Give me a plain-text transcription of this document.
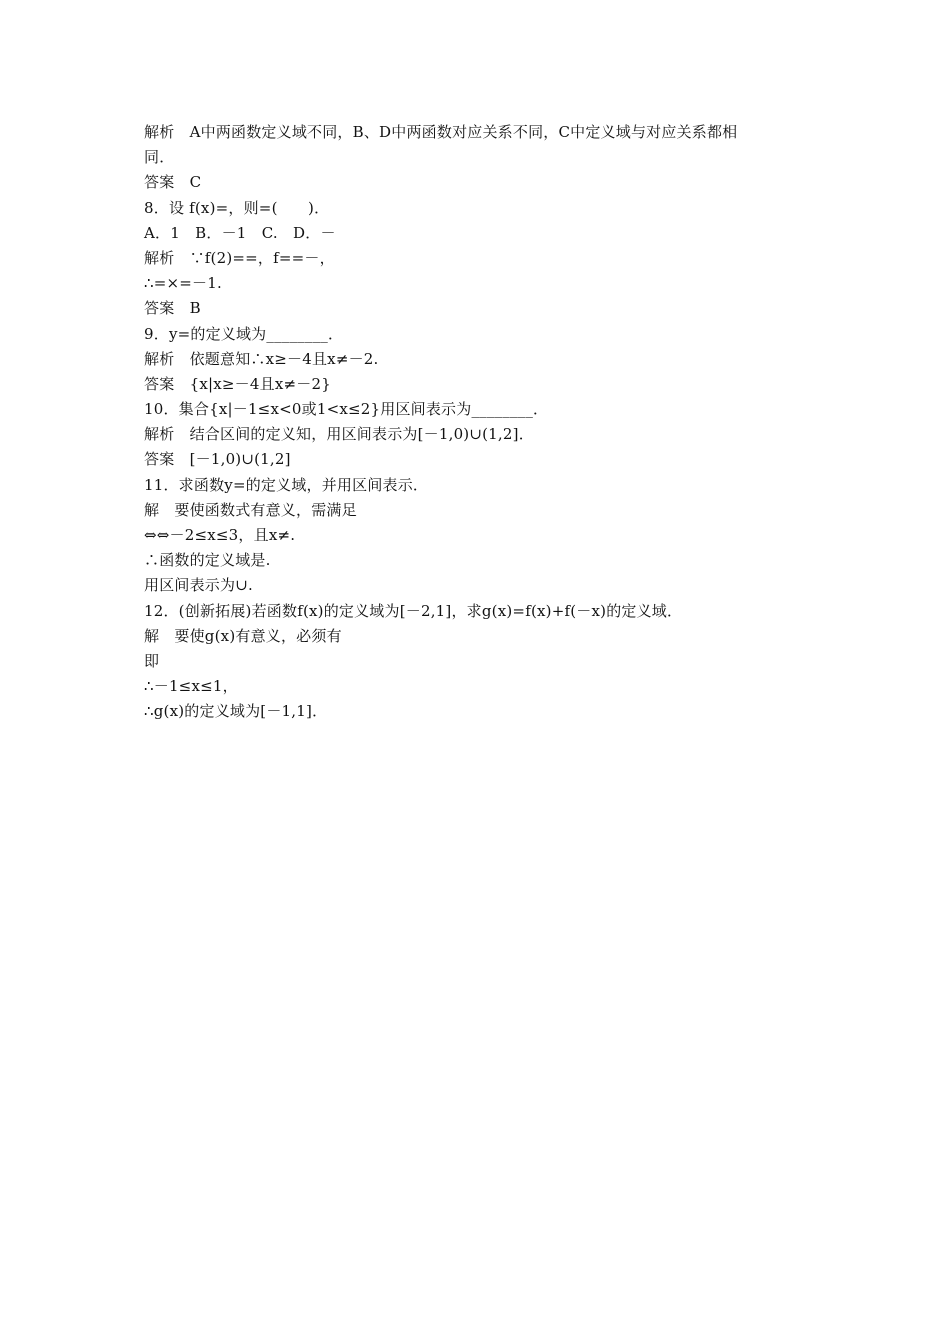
解析　A中两函数定义域不同，B、D中两函数对应关系不同，C中定义域与对应关系都相
同．
答案　C
8．设 f(x)=，则=(　　)．
A．1　B．－1　C.　D．－
解析　∵f(2)==，f==－，
∴=×=－1.
答案　B
9．y=的定义域为________．
解析　依题意知∴x≥－4且x≠－2.
答案　{x|x≥－4且x≠－2}
10．集合{x|－1≤x<0或1<x≤2}用区间表示为________．
解析　结合区间的定义知，用区间表示为[－1,0)∪(1,2]．
答案　[－1,0)∪(1,2]
11．求函数y=的定义域，并用区间表示．
解　要使函数式有意义，需满足
⇔⇔－2≤x≤3，且x≠.
∴函数的定义域是.
用区间表示为∪.
12．(创新拓展)若函数f(x)的定义域为[－2,1]，求g(x)=f(x)+f(－x)的定义域．
解　要使g(x)有意义，必须有
即
∴－1≤x≤1，
∴g(x)的定义域为[－1,1]．
